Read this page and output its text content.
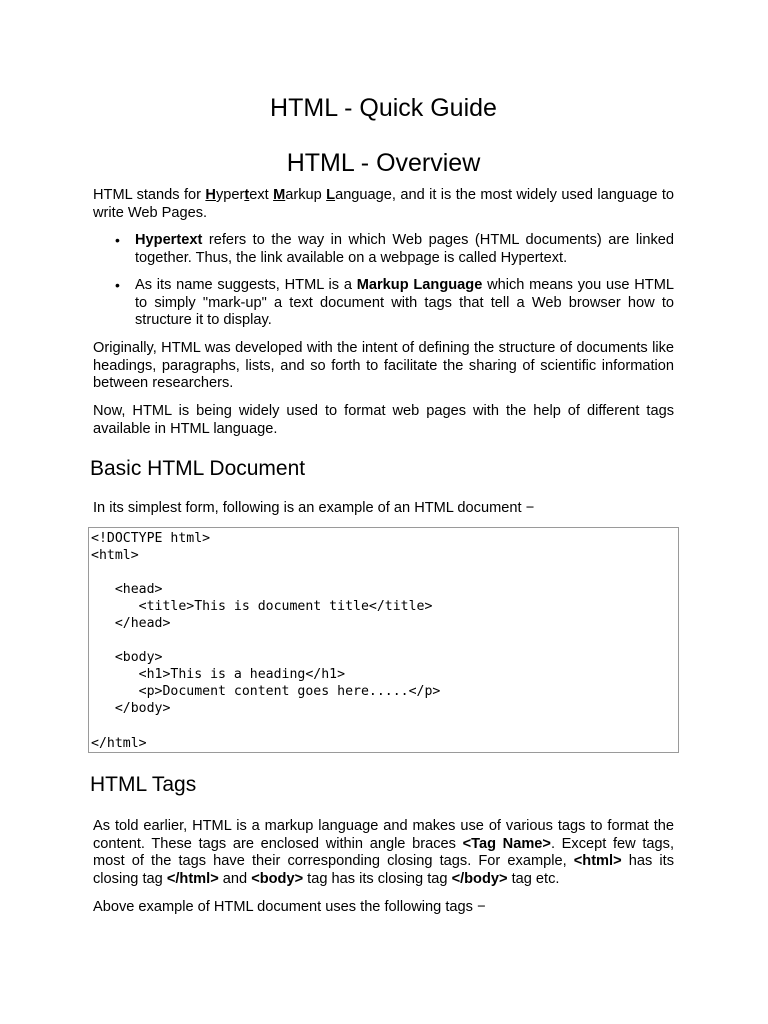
HTML - Quick Guide
HTML - Overview

HTML stands for Hypertext Markup Language, and it is the most widely used language to write Web Pages.

• Hypertext refers to the way in which Web pages (HTML documents) are linked together. Thus, the link available on a webpage is called Hypertext.
• As its name suggests, HTML is a Markup Language which means you use HTML to simply "mark-up" a text document with tags that tell a Web browser how to structure it to display.

Originally, HTML was developed with the intent of defining the structure of documents like headings, paragraphs, lists, and so forth to facilitate the sharing of scientific information between researchers.

Now, HTML is being widely used to format web pages with the help of different tags available in HTML language.

Basic HTML Document

In its simplest form, following is an example of an HTML document −

<!DOCTYPE html>
<html>

<head>
<title>This is document title</title>
</head>

<body>
<h1>This is a heading</h1>
<p>Document content goes here.....</p>
</body>

</html>
HTML Tags

As told earlier, HTML is a markup language and makes use of various tags to format the content. These tags are enclosed within angle braces <Tag Name>. Except few tags, most of the tags have their corresponding closing tags. For example, <html> has its closing tag </html> and <body> tag has its closing tag </body> tag etc.

Above example of HTML document uses the following tags −
